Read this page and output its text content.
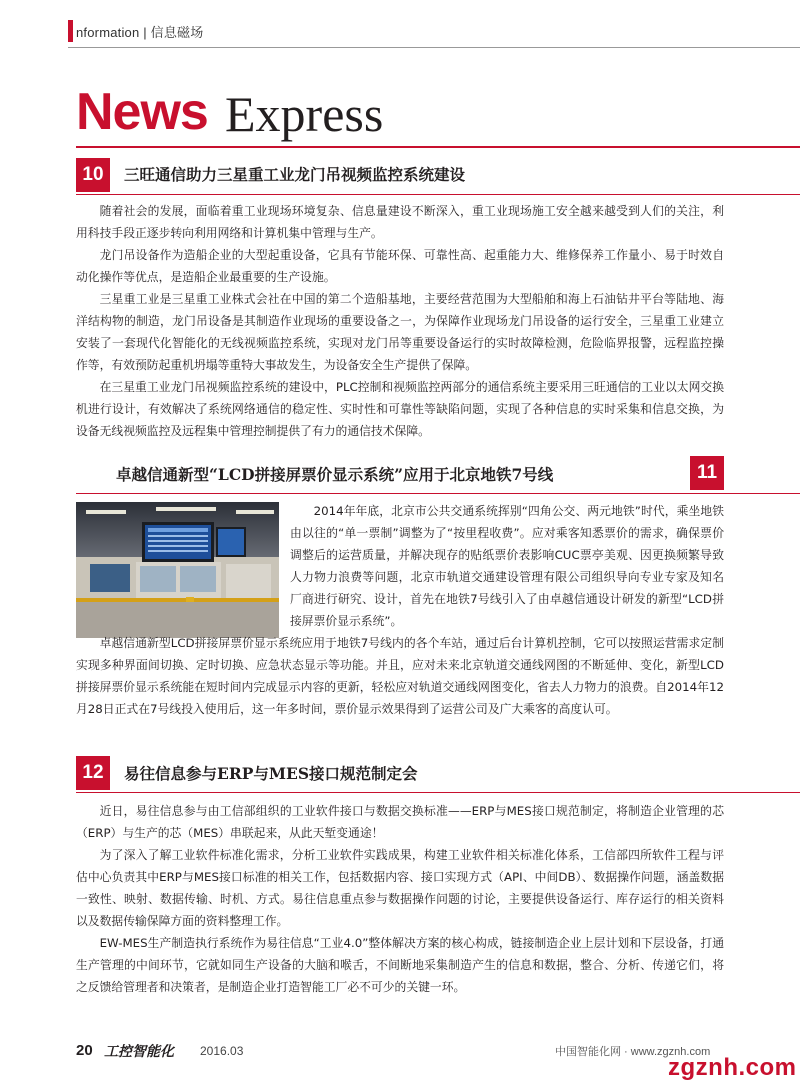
nformation | 信息磁场
News Express
10	三旺通信助力三星重工业龙门吊视频监控系统建设

随着社会的发展，面临着重工业现场环境复杂、信息量建设不断深入，重工业现场施工安全越来越受到人们的关注，利用科技手段正逐步转向利用网络和计算机集中管理与生产。

龙门吊设备作为造船企业的大型起重设备，它具有节能环保、可靠性高、起重能力大、维修保养工作量小、易于时效自动化操作等优点，是造船企业最重要的生产设施。

三星重工业是三星重工业株式会社在中国的第二个造船基地，主要经营范围为大型船舶和海上石油钻井平台等陆地、海洋结构物的制造，龙门吊设备是其制造作业现场的重要设备之一，为保障作业现场龙门吊设备的运行安全，三星重工业建立安装了一套现代化智能化的无线视频监控系统，实现对龙门吊等重要设备运行的实时故障检测，危险临界报警，远程监控操作等，有效预防起重机坍塌等重特大事故发生，为设备安全生产提供了保障。

在三星重工业龙门吊视频监控系统的建设中，PLC控制和视频监控两部分的通信系统主要采用三旺通信的工业以太网交换机进行设计，有效解决了系统网络通信的稳定性、实时性和可靠性等缺陷问题，实现了各种信息的实时采集和信息交换，为设备无线视频监控及远程集中管理控制提供了有力的通信技术保障。

卓越信通新型“LCD拼接屏票价显示系统”应用于北京地铁7号线	11

2014年年底，北京市公共交通系统挥别“四角公交、两元地铁”时代，乘坐地铁由以往的“单一票制”调整为了“按里程收费”。应对乘客知悉票价的需求，确保票价调整后的运营质量，并解决现存的贴纸票价表影响CUC票亭美观、因更换频繁导致人力物力浪费等问题，北京市轨道交通建设管理有限公司组织导向专业专家及知名厂商进行研究、设计，首先在地铁7号线引入了由卓越信通设计研发的新型“LCD拼接屏票价显示系统”。

卓越信通新型LCD拼接屏票价显示系统应用于地铁7号线内的各个车站，通过后台计算机控制，它可以按照运营需求定制实现多种界面间切换、定时切换、应急状态显示等功能。并且，应对未来北京轨道交通线网图的不断延伸、变化，新型LCD拼接屏票价显示系统能在短时间内完成显示内容的更新，轻松应对轨道交通线网图变化，省去人力物力的浪费。自2014年12月28日正式在7号线投入使用后，这一年多时间，票价显示效果得到了运营公司及广大乘客的高度认可。

12	易往信息参与ERP与MES接口规范制定会

近日，易往信息参与由工信部组织的工业软件接口与数据交换标准——ERP与MES接口规范制定，将制造企业管理的芯（ERP）与生产的芯（MES）串联起来，从此天堑变通途！

为了深入了解工业软件标准化需求，分析工业软件实践成果，构建工业软件相关标准化体系，工信部四所软件工程与评估中心负责其中ERP与MES接口标准的相关工作，包括数据内容、接口实现方式（API、中间DB）、数据操作问题，涵盖数据一致性、映射、数据传输、时机、方式。易往信息重点参与数据操作问题的讨论，主要提供设备运行、库存运行的相关资料以及数据传输保障方面的资料整理工作。

EW-MES生产制造执行系统作为易往信息“工业4.0”整体解决方案的核心构成，链接制造企业上层计划和下层设备，打通生产管理的中间环节，它就如同生产设备的大脑和喉舌，不间断地采集制造产生的信息和数据，整合、分析、传递它们，将之反馈给管理者和决策者，是制造企业打造智能工厂必不可少的关键一环。

20 工控智能化 2016.03	中国智能化网 · www.zgznh.com
zgznh.com
